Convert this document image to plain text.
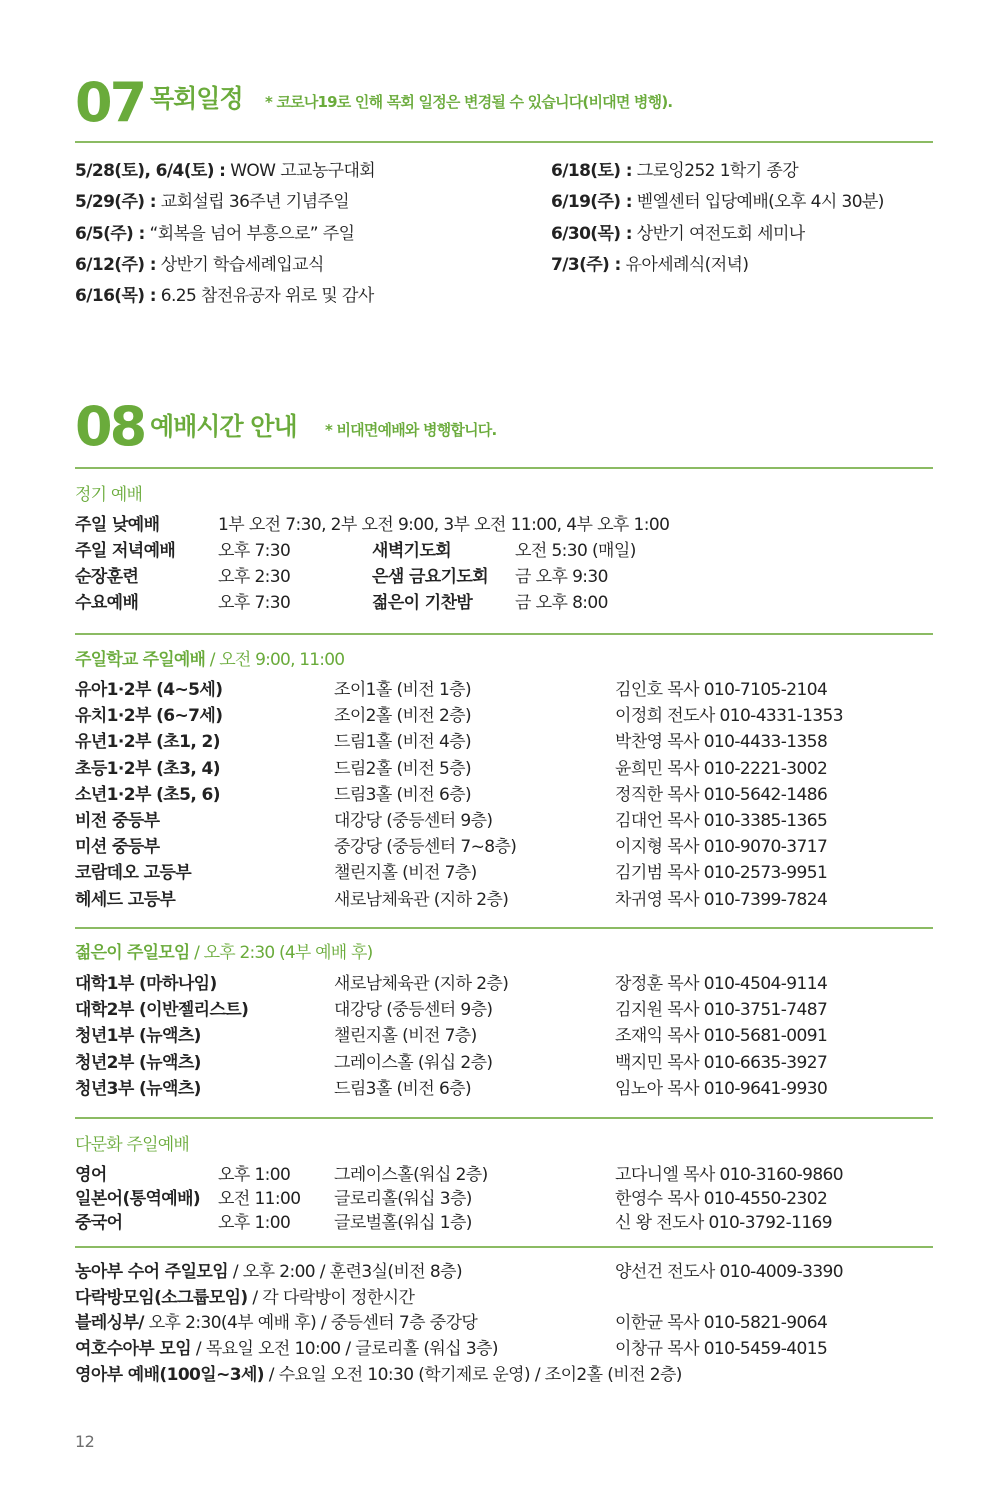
07 목회일정 * 코로나19로 인해 목회 일정은 변경될 수 있습니다(비대면 병행).
5/28(토), 6/4(토) : WOW 고교농구대회
5/29(주) : 교회설립 36주년 기념주일
6/5(주) : “회복을 넘어 부흥으로” 주일
6/12(주) : 상반기 학습세례입교식
6/16(목) : 6.25 참전유공자 위로 및 감사
6/18(토) : 그로잉252 1학기 종강
6/19(주) : 벧엘센터 입당예배(오후 4시 30분)
6/30(목) : 상반기 여전도회 세미나
7/3(주) : 유아세례식(저녁)
08 예배시간 안내 * 비대면예배와 병행합니다.
정기 예배
주일 낮예배	1부 오전 7:30, 2부 오전 9:00, 3부 오전 11:00, 4부 오후 1:00
주일 저녁예배	오후 7:30	새벽기도회	오전 5:30 (매일)
순장훈련	오후 2:30	은샘 금요기도회 금 오후 9:30
수요예배	오후 7:30	젊은이 기찬밤	금 오후 8:00
주일학교 주일예배 / 오전 9:00, 11:00
유아1·2부 (4~5세)	조이1홀 (비전 1층)	김인호 목사 010-7105-2104
유치1·2부 (6~7세)	조이2홀 (비전 2층)	이정희 전도사 010-4331-1353
유년1·2부 (초1, 2)	드림1홀 (비전 4층)	박찬영 목사 010-4433-1358
초등1·2부 (초3, 4)	드림2홀 (비전 5층)	윤희민 목사 010-2221-3002
소년1·2부 (초5, 6)	드림3홀 (비전 6층)	정직한 목사 010-5642-1486
비전 중등부	대강당 (중등센터 9층)	김대언 목사 010-3385-1365
미션 중등부	중강당 (중등센터 7~8층)	이지형 목사 010-9070-3717
코람데오 고등부	챌린지홀 (비전 7층)	김기범 목사 010-2573-9951
헤세드 고등부	새로남체육관 (지하 2층)	차귀영 목사 010-7399-7824
젊은이 주일모임 / 오후 2:30 (4부 예배 후)
대학1부 (마하나임)	새로남체육관 (지하 2층)	장정훈 목사 010-4504-9114
대학2부 (이반젤리스트)	대강당 (중등센터 9층)	김지원 목사 010-3751-7487
청년1부 (뉴액츠)	챌린지홀 (비전 7층)	조재익 목사 010-5681-0091
청년2부 (뉴액츠)	그레이스홀 (워십 2층)	백지민 목사 010-6635-3927
청년3부 (뉴액츠)	드림3홀 (비전 6층)	임노아 목사 010-9641-9930
다문화 주일예배
영어	오후 1:00	그레이스홀(워십 2층)	고다니엘 목사 010-3160-9860
일본어(통역예배) 오전 11:00 글로리홀(워십 3층)	한영수 목사 010-4550-2302
중국어	오후 1:00	글로벌홀(워십 1층)	신 왕 전도사 010-3792-1169
농아부 수어 주일모임 / 오후 2:00 / 훈련3실(비전 8층)	양선건 전도사 010-4009-3390
다락방모임(소그룹모임) / 각 다락방이 정한시간
블레싱부/ 오후 2:30(4부 예배 후) / 중등센터 7층 중강당	이한균 목사 010-5821-9064
여호수아부 모임 / 목요일 오전 10:00 / 글로리홀 (워십 3층)	이창규 목사 010-5459-4015
영아부 예배(100일~3세) / 수요일 오전 10:30 (학기제로 운영) / 조이2홀 (비전 2층)
12
